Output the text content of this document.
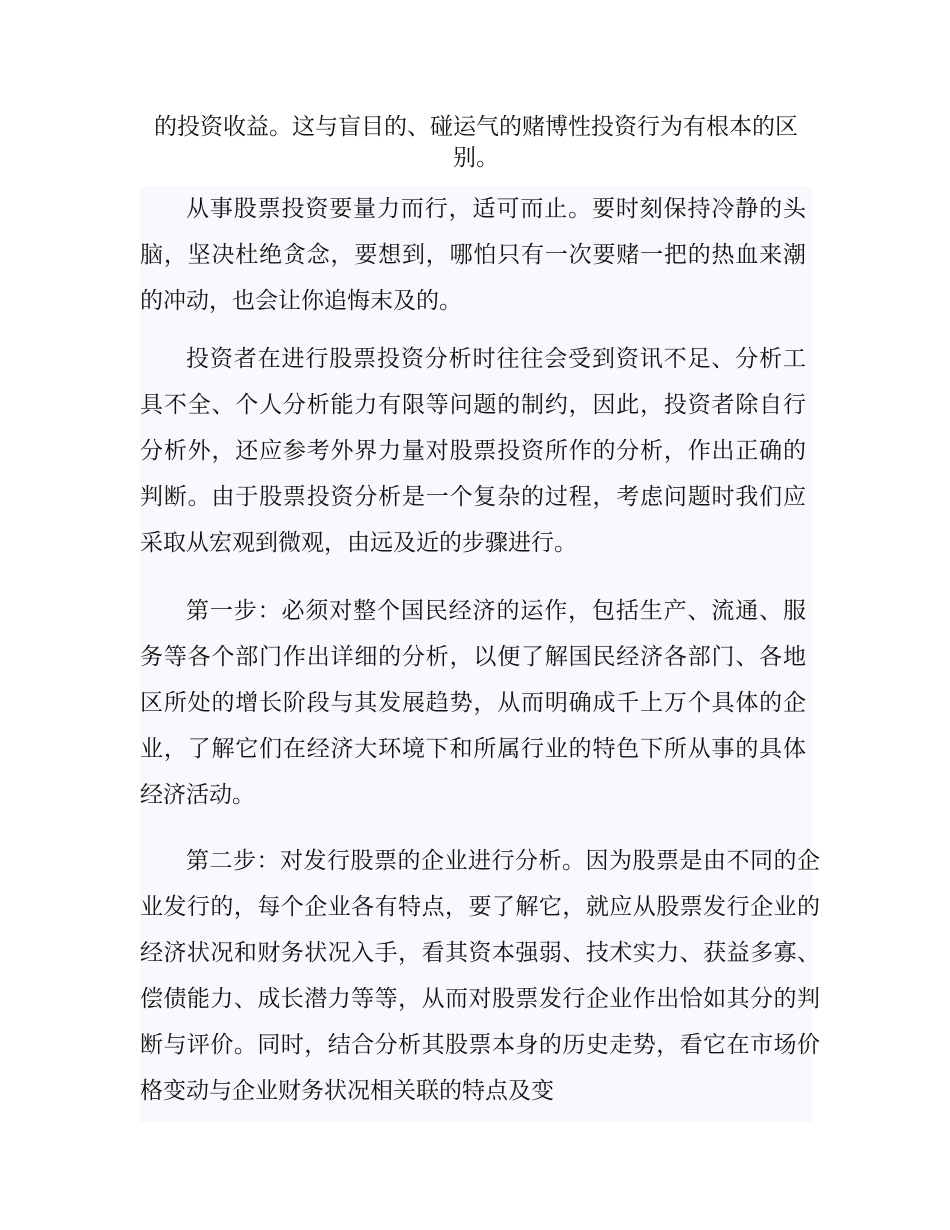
的投资收益。这与盲目的、碰运气的赌博性投资行为有根本的区别。

从事股票投资要量力而行，适可而止。要时刻保持冷静的头脑，坚决杜绝贪念，要想到，哪怕只有一次要赌一把的热血来潮的冲动，也会让你追悔末及的。

投资者在进行股票投资分析时往往会受到资讯不足、分析工具不全、个人分析能力有限等问题的制约，因此，投资者除自行分析外，还应参考外界力量对股票投资所作的分析，作出正确的判断。由于股票投资分析是一个复杂的过程，考虑问题时我们应采取从宏观到微观，由远及近的步骤进行。

第一步：必须对整个国民经济的运作，包括生产、流通、服务等各个部门作出详细的分析，以便了解国民经济各部门、各地区所处的增长阶段与其发展趋势，从而明确成千上万个具体的企业，了解它们在经济大环境下和所属行业的特色下所从事的具体经济活动。

第二步：对发行股票的企业进行分析。因为股票是由不同的企业发行的，每个企业各有特点，要了解它，就应从股票发行企业的经济状况和财务状况入手，看其资本强弱、技术实力、获益多寡、偿债能力、成长潜力等等，从而对股票发行企业作出恰如其分的判断与评价。同时，结合分析其股票本身的历史走势，看它在市场价格变动与企业财务状况相关联的特点及变
